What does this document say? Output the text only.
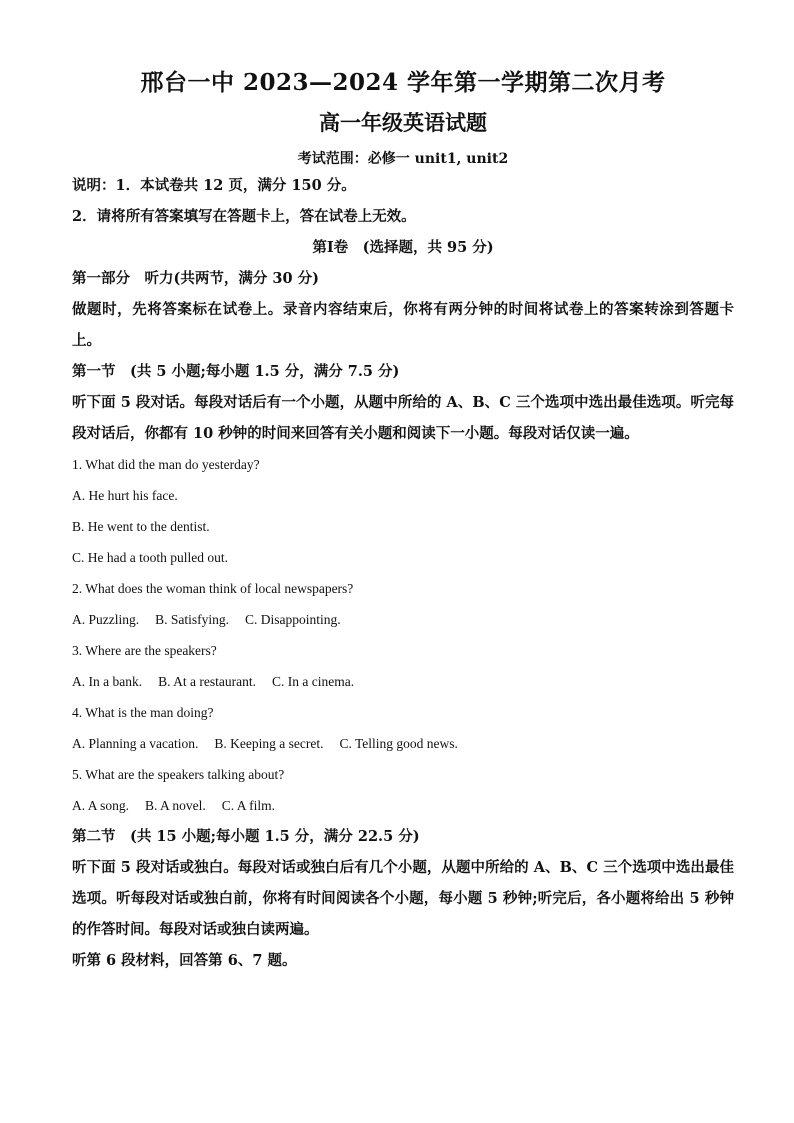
邢台一中 2023—2024 学年第一学期第二次月考

高一年级英语试题

考试范围：必修一 unit1, unit2

说明：1．本试卷共 12 页，满分 150 分。

2．请将所有答案填写在答题卡上，答在试卷上无效。

第Ⅰ卷　(选择题，共 95 分)

第一部分　听力(共两节，满分 30 分)

做题时，先将答案标在试卷上。录音内容结束后，你将有两分钟的时间将试卷上的答案转涂到答题卡上。

第一节　(共 5 小题;每小题 1.5 分，满分 7.5 分)

听下面 5 段对话。每段对话后有一个小题，从题中所给的 A、B、C 三个选项中选出最佳选项。听完每段对话后，你都有 10 秒钟的时间来回答有关小题和阅读下一小题。每段对话仅读一遍。

1. What did the man do yesterday?

A. He hurt his face.

B. He went to the dentist.

C. He had a tooth pulled out.

2. What does the woman think of local newspapers?

A. Puzzling. B. Satisfying. C. Disappointing.

3. Where are the speakers?

A. In a bank. B. At a restaurant. C. In a cinema.

4. What is the man doing?

A. Planning a vacation. B. Keeping a secret. C. Telling good news.

5. What are the speakers talking about?

A. A song. B. A novel. C. A film.

第二节　(共 15 小题;每小题 1.5 分，满分 22.5 分)

听下面 5 段对话或独白。每段对话或独白后有几个小题，从题中所给的 A、B、C 三个选项中选出最佳选项。听每段对话或独白前，你将有时间阅读各个小题，每小题 5 秒钟;听完后，各小题将给出 5 秒钟的作答时间。每段对话或独白读两遍。

听第 6 段材料，回答第 6、7 题。
